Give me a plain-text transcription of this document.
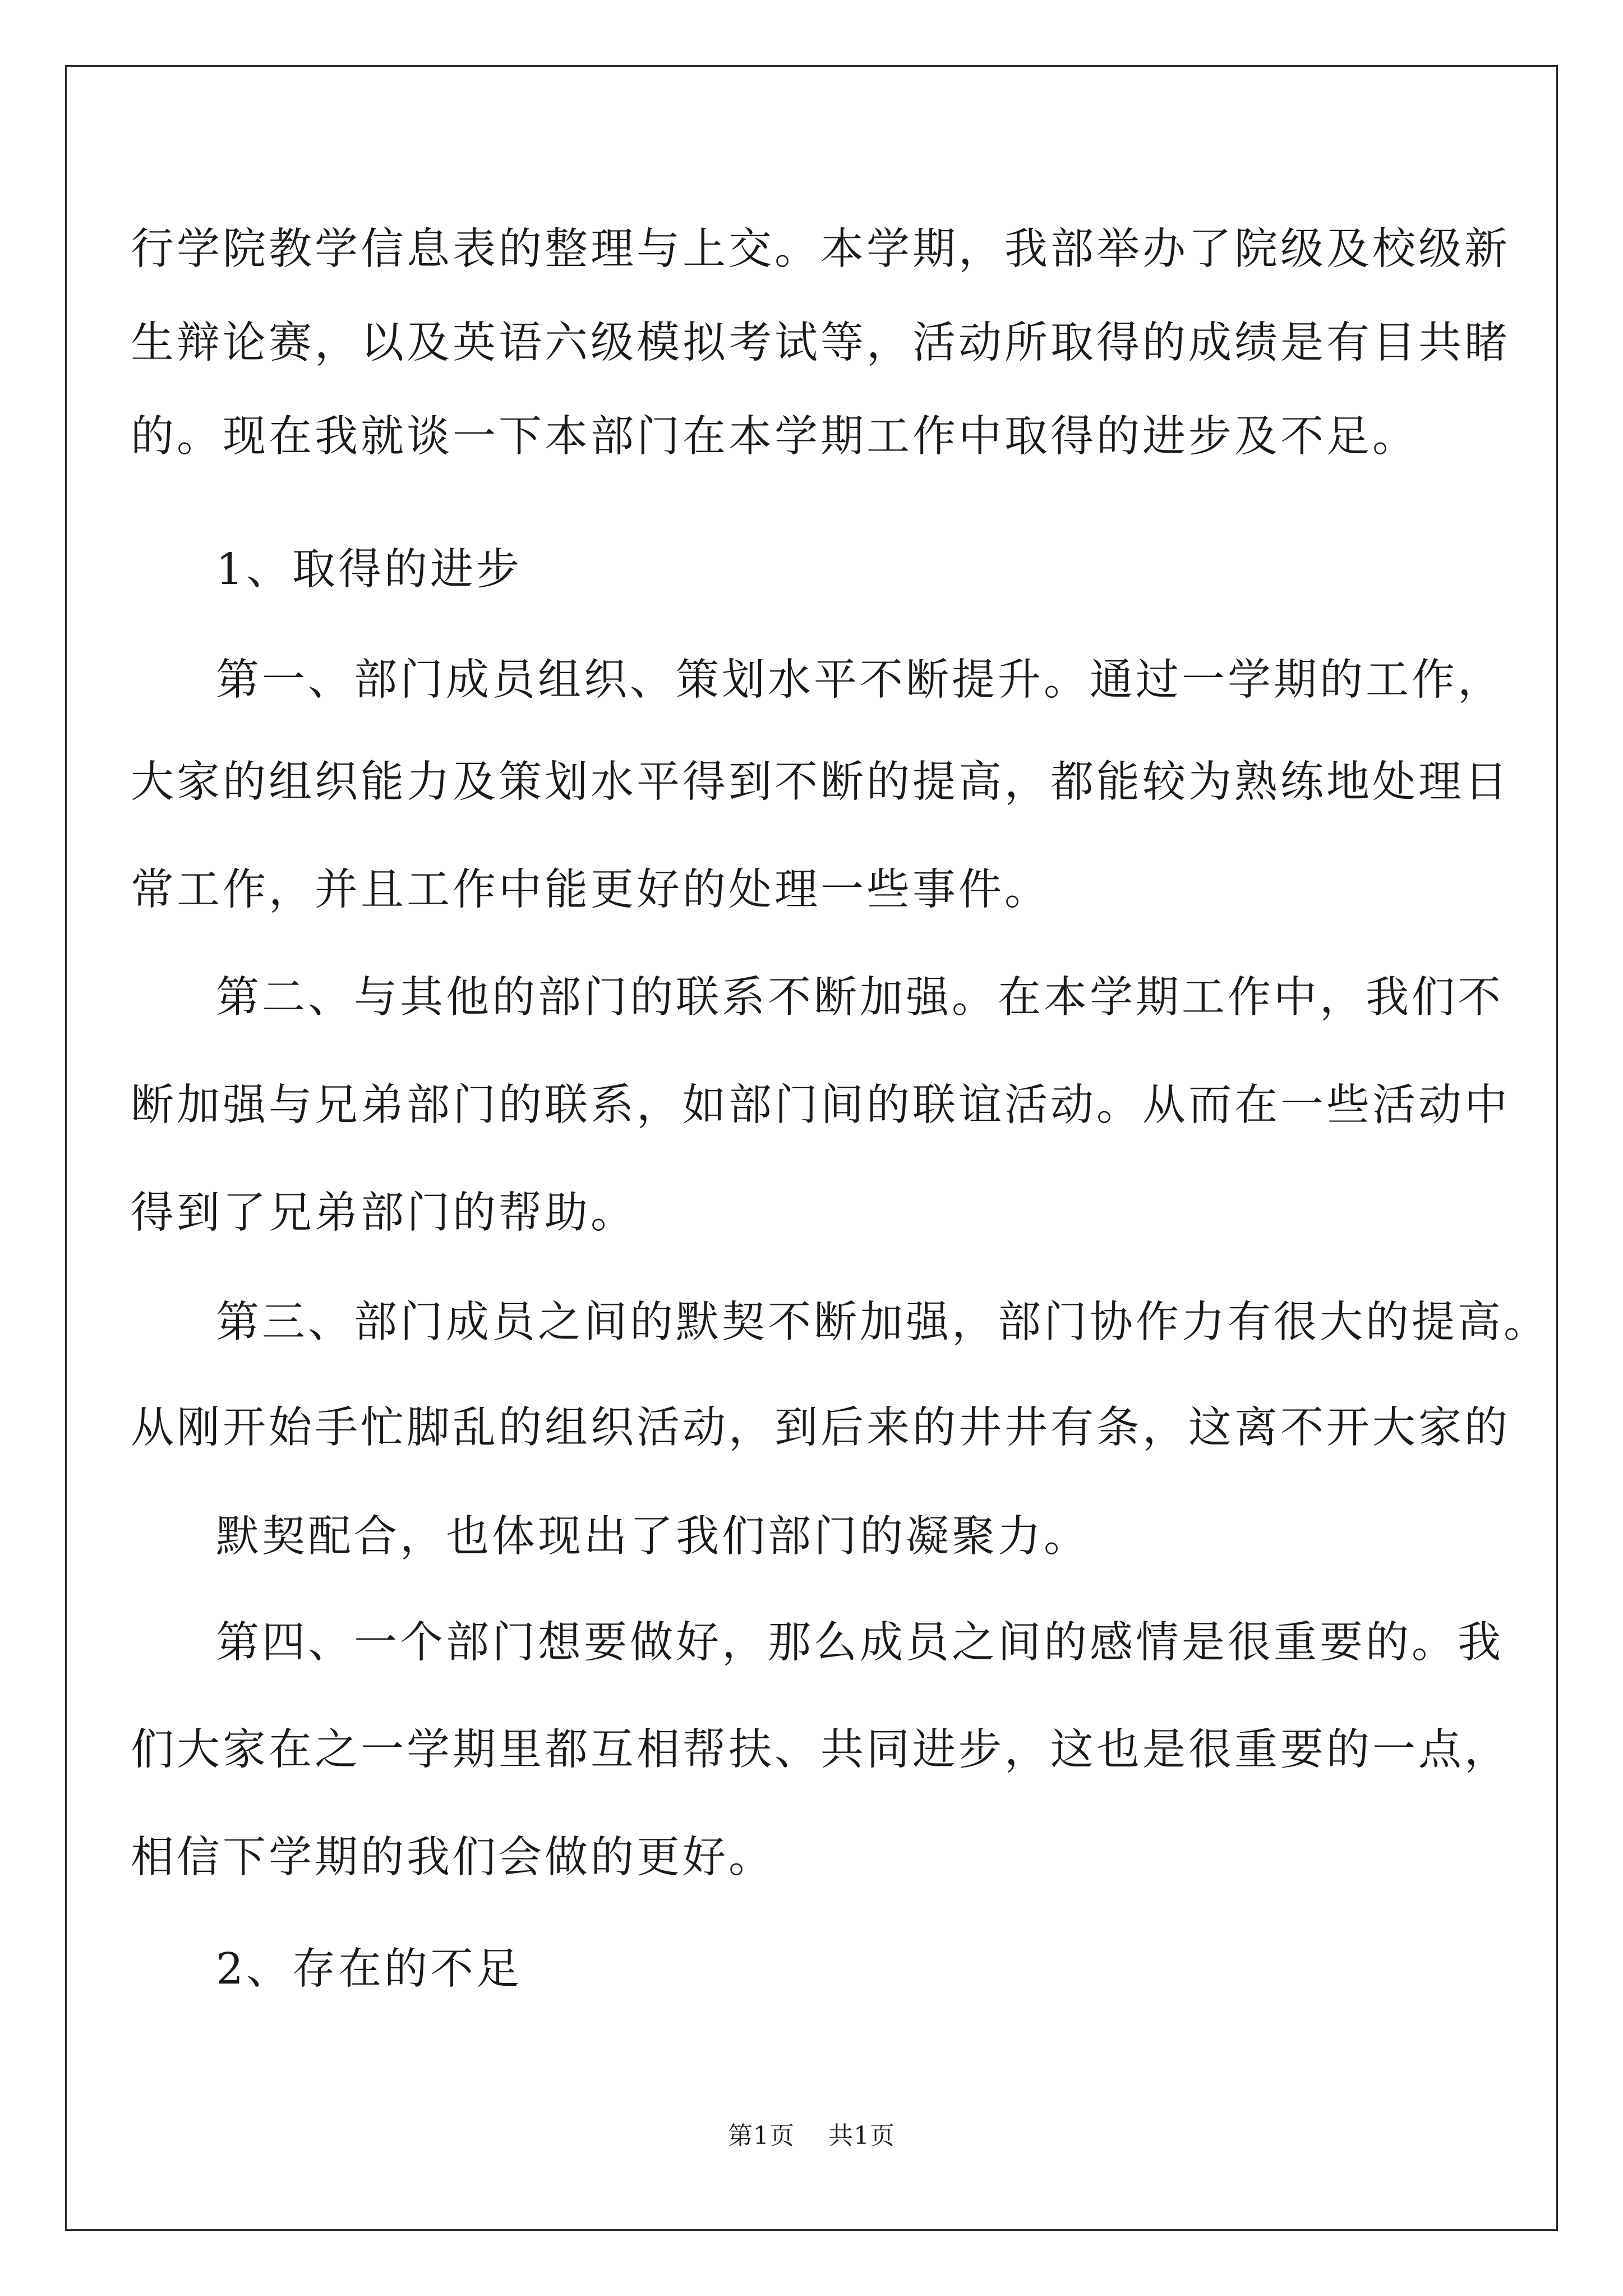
行学院教学信息表的整理与上交。本学期，我部举办了院级及校级新
生辩论赛，以及英语六级模拟考试等，活动所取得的成绩是有目共睹
的。现在我就谈一下本部门在本学期工作中取得的进步及不足。
1、取得的进步
第一、部门成员组织、策划水平不断提升。通过一学期的工作，
大家的组织能力及策划水平得到不断的提高，都能较为熟练地处理日
常工作，并且工作中能更好的处理一些事件。
第二、与其他的部门的联系不断加强。在本学期工作中，我们不
断加强与兄弟部门的联系，如部门间的联谊活动。从而在一些活动中
得到了兄弟部门的帮助。
第三、部门成员之间的默契不断加强，部门协作力有很大的提高。
从刚开始手忙脚乱的组织活动，到后来的井井有条，这离不开大家的
默契配合，也体现出了我们部门的凝聚力。
第四、一个部门想要做好，那么成员之间的感情是很重要的。我
们大家在之一学期里都互相帮扶、共同进步，这也是很重要的一点，
相信下学期的我们会做的更好。
2、存在的不足
第1页 共1页
